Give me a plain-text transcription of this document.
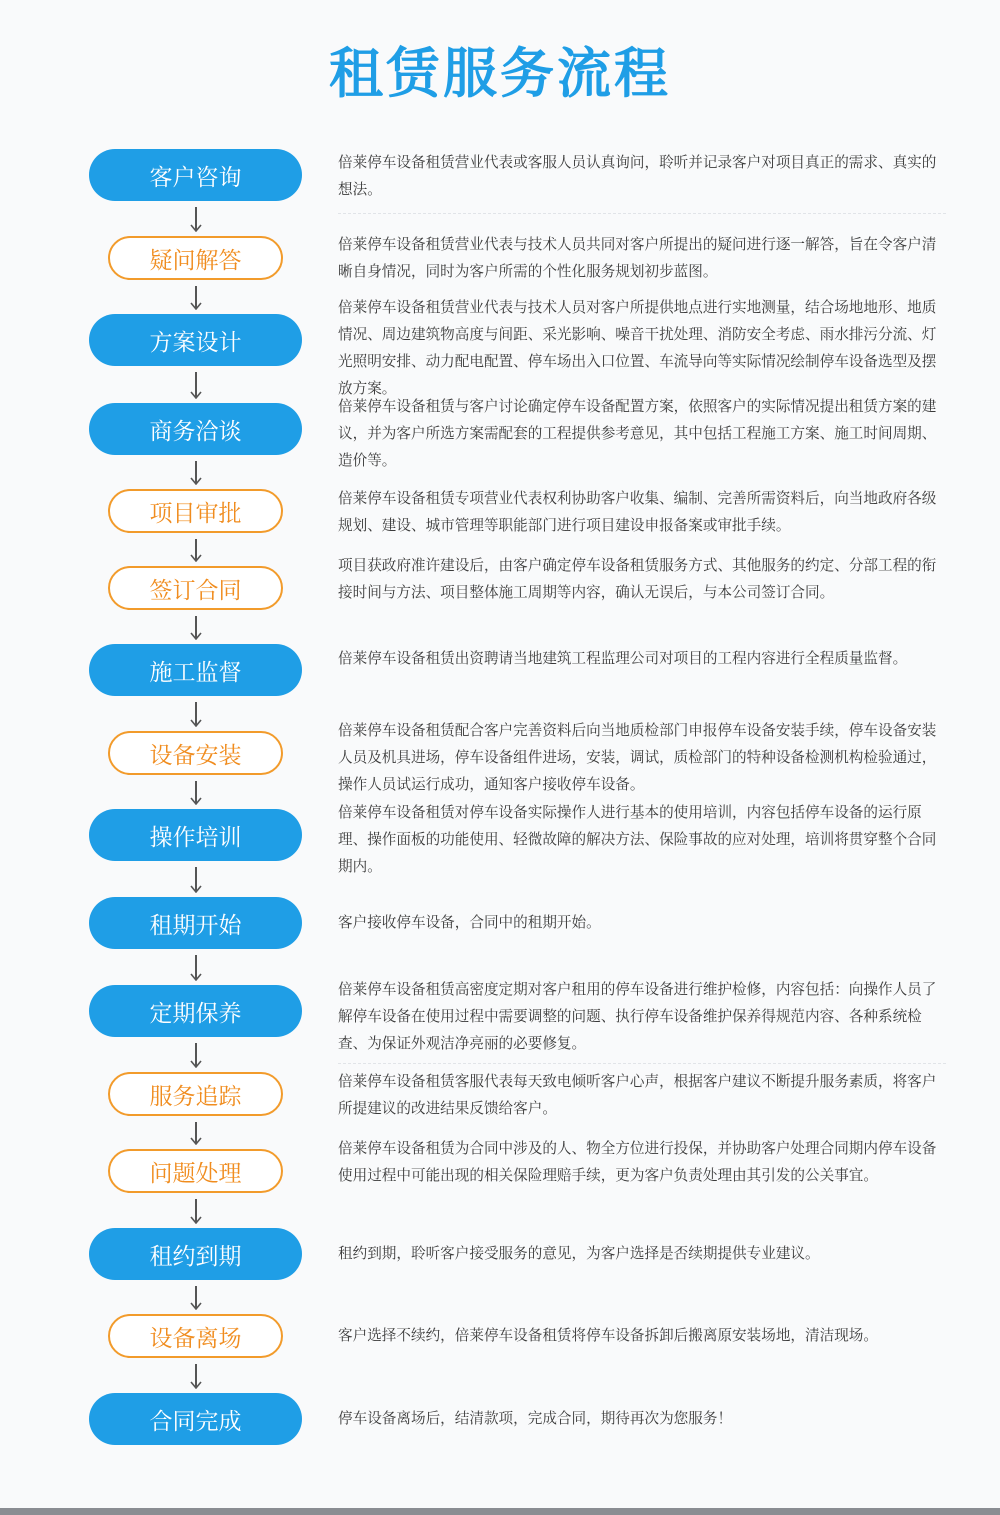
租赁服务流程
客户咨询

倍莱停车设备租赁营业代表或客服人员认真询问，聆听并记录客户对项目真正的需求、真实的想法。

疑问解答

倍莱停车设备租赁营业代表与技术人员共同对客户所提出的疑问进行逐一解答，旨在令客户清晰自身情况，同时为客户所需的个性化服务规划初步蓝图。

方案设计

倍莱停车设备租赁营业代表与技术人员对客户所提供地点进行实地测量，结合场地地形、地质情况、周边建筑物高度与间距、采光影响、噪音干扰处理、消防安全考虑、雨水排污分流、灯光照明安排、动力配电配置、停车场出入口位置、车流导向等实际情况绘制停车设备选型及摆放方案。

商务洽谈

倍莱停车设备租赁与客户讨论确定停车设备配置方案，依照客户的实际情况提出租赁方案的建议，并为客户所选方案需配套的工程提供参考意见，其中包括工程施工方案、施工时间周期、造价等。

项目审批

倍莱停车设备租赁专项营业代表权利协助客户收集、编制、完善所需资料后，向当地政府各级规划、建设、城市管理等职能部门进行项目建设申报备案或审批手续。

签订合同

项目获政府准许建设后，由客户确定停车设备租赁服务方式、其他服务的约定、分部工程的衔接时间与方法、项目整体施工周期等内容，确认无误后，与本公司签订合同。

施工监督

倍莱停车设备租赁出资聘请当地建筑工程监理公司对项目的工程内容进行全程质量监督。

设备安装

倍莱停车设备租赁配合客户完善资料后向当地质检部门申报停车设备安装手续，停车设备安装人员及机具进场，停车设备组件进场，安装，调试，质检部门的特种设备检测机构检验通过，操作人员试运行成功，通知客户接收停车设备。

操作培训

倍莱停车设备租赁对停车设备实际操作人进行基本的使用培训，内容包括停车设备的运行原理、操作面板的功能使用、轻微故障的解决方法、保险事故的应对处理，培训将贯穿整个合同期内。

租期开始	客户接收停车设备，合同中的租期开始。

定期保养

倍莱停车设备租赁高密度定期对客户租用的停车设备进行维护检修，内容包括：向操作人员了解停车设备在使用过程中需要调整的问题、执行停车设备维护保养得规范内容、各种系统检查、为保证外观洁净亮丽的必要修复。

服务追踪

倍莱停车设备租赁客服代表每天致电倾听客户心声，根据客户建议不断提升服务素质，将客户所提建议的改进结果反馈给客户。

问题处理

倍莱停车设备租赁为合同中涉及的人、物全方位进行投保，并协助客户处理合同期内停车设备使用过程中可能出现的相关保险理赔手续，更为客户负责处理由其引发的公关事宜。

租约到期	租约到期，聆听客户接受服务的意见，为客户选择是否续期提供专业建议。

设备离场	客户选择不续约，倍莱停车设备租赁将停车设备拆卸后搬离原安装场地，清洁现场。

合同完成	停车设备离场后，结清款项，完成合同，期待再次为您服务！
